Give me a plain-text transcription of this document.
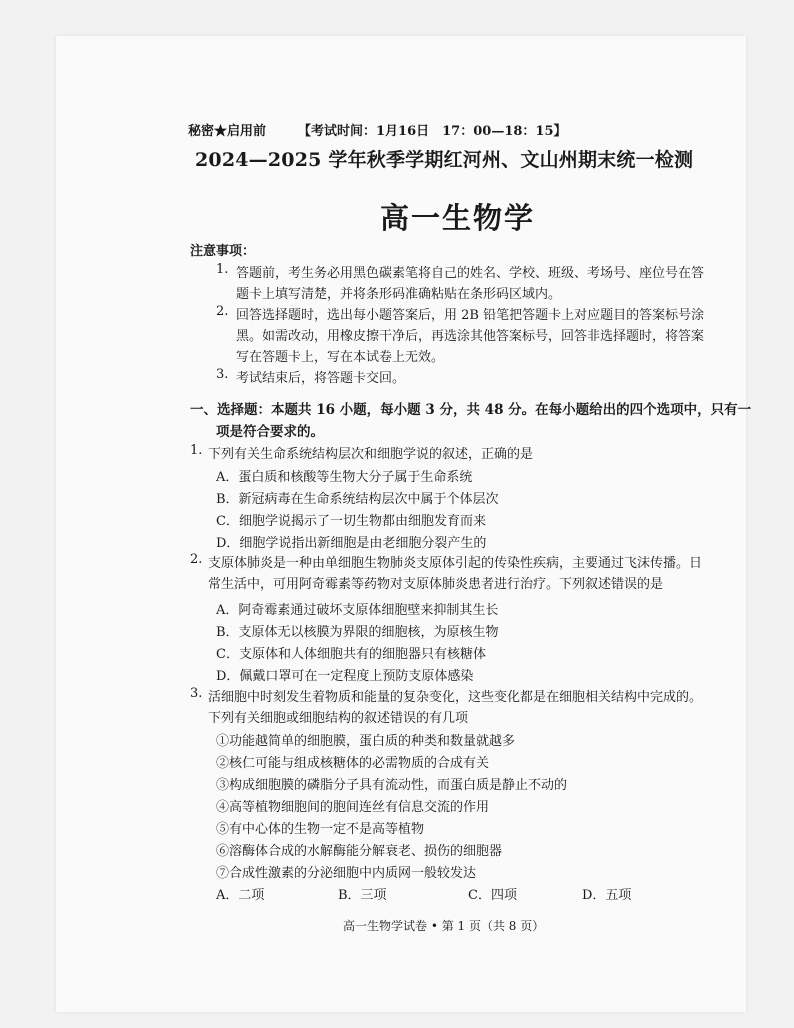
秘密★启用前 【考试时间：1月16日　17：00—18：15】
2024—2025 学年秋季学期红河州、文山州期末统一检测
高一生物学
注意事项：
1. 答题前，考生务必用黑色碳素笔将自己的姓名、学校、班级、考场号、座位号在答
题卡上填写清楚，并将条形码准确粘贴在条形码区域内。
2. 回答选择题时，选出每小题答案后，用 2B 铅笔把答题卡上对应题目的答案标号涂
黑。如需改动，用橡皮擦干净后，再选涂其他答案标号，回答非选择题时，将答案
写在答题卡上，写在本试卷上无效。
3. 考试结束后，将答题卡交回。
一、选择题：本题共 16 小题，每小题 3 分，共 48 分。在每小题给出的四个选项中，只有一
项是符合要求的。
1. 下列有关生命系统结构层次和细胞学说的叙述，正确的是
A．蛋白质和核酸等生物大分子属于生命系统
B．新冠病毒在生命系统结构层次中属于个体层次
C．细胞学说揭示了一切生物都由细胞发育而来
D．细胞学说指出新细胞是由老细胞分裂产生的
2. 支原体肺炎是一种由单细胞生物肺炎支原体引起的传染性疾病，主要通过飞沫传播。日
常生活中，可用阿奇霉素等药物对支原体肺炎患者进行治疗。下列叙述错误的是
A．阿奇霉素通过破坏支原体细胞壁来抑制其生长
B．支原体无以核膜为界限的细胞核，为原核生物
C．支原体和人体细胞共有的细胞器只有核糖体
D．佩戴口罩可在一定程度上预防支原体感染
3. 活细胞中时刻发生着物质和能量的复杂变化，这些变化都是在细胞相关结构中完成的。
下列有关细胞或细胞结构的叙述错误的有几项
①功能越简单的细胞膜，蛋白质的种类和数量就越多
②核仁可能与组成核糖体的必需物质的合成有关
③构成细胞膜的磷脂分子具有流动性，而蛋白质是静止不动的
④高等植物细胞间的胞间连丝有信息交流的作用
⑤有中心体的生物一定不是高等植物
⑥溶酶体合成的水解酶能分解衰老、损伤的细胞器
⑦合成性激素的分泌细胞中内质网一般较发达
A．二项	B．三项	C．四项	D．五项
高一生物学试卷 • 第 1 页（共 8 页）
